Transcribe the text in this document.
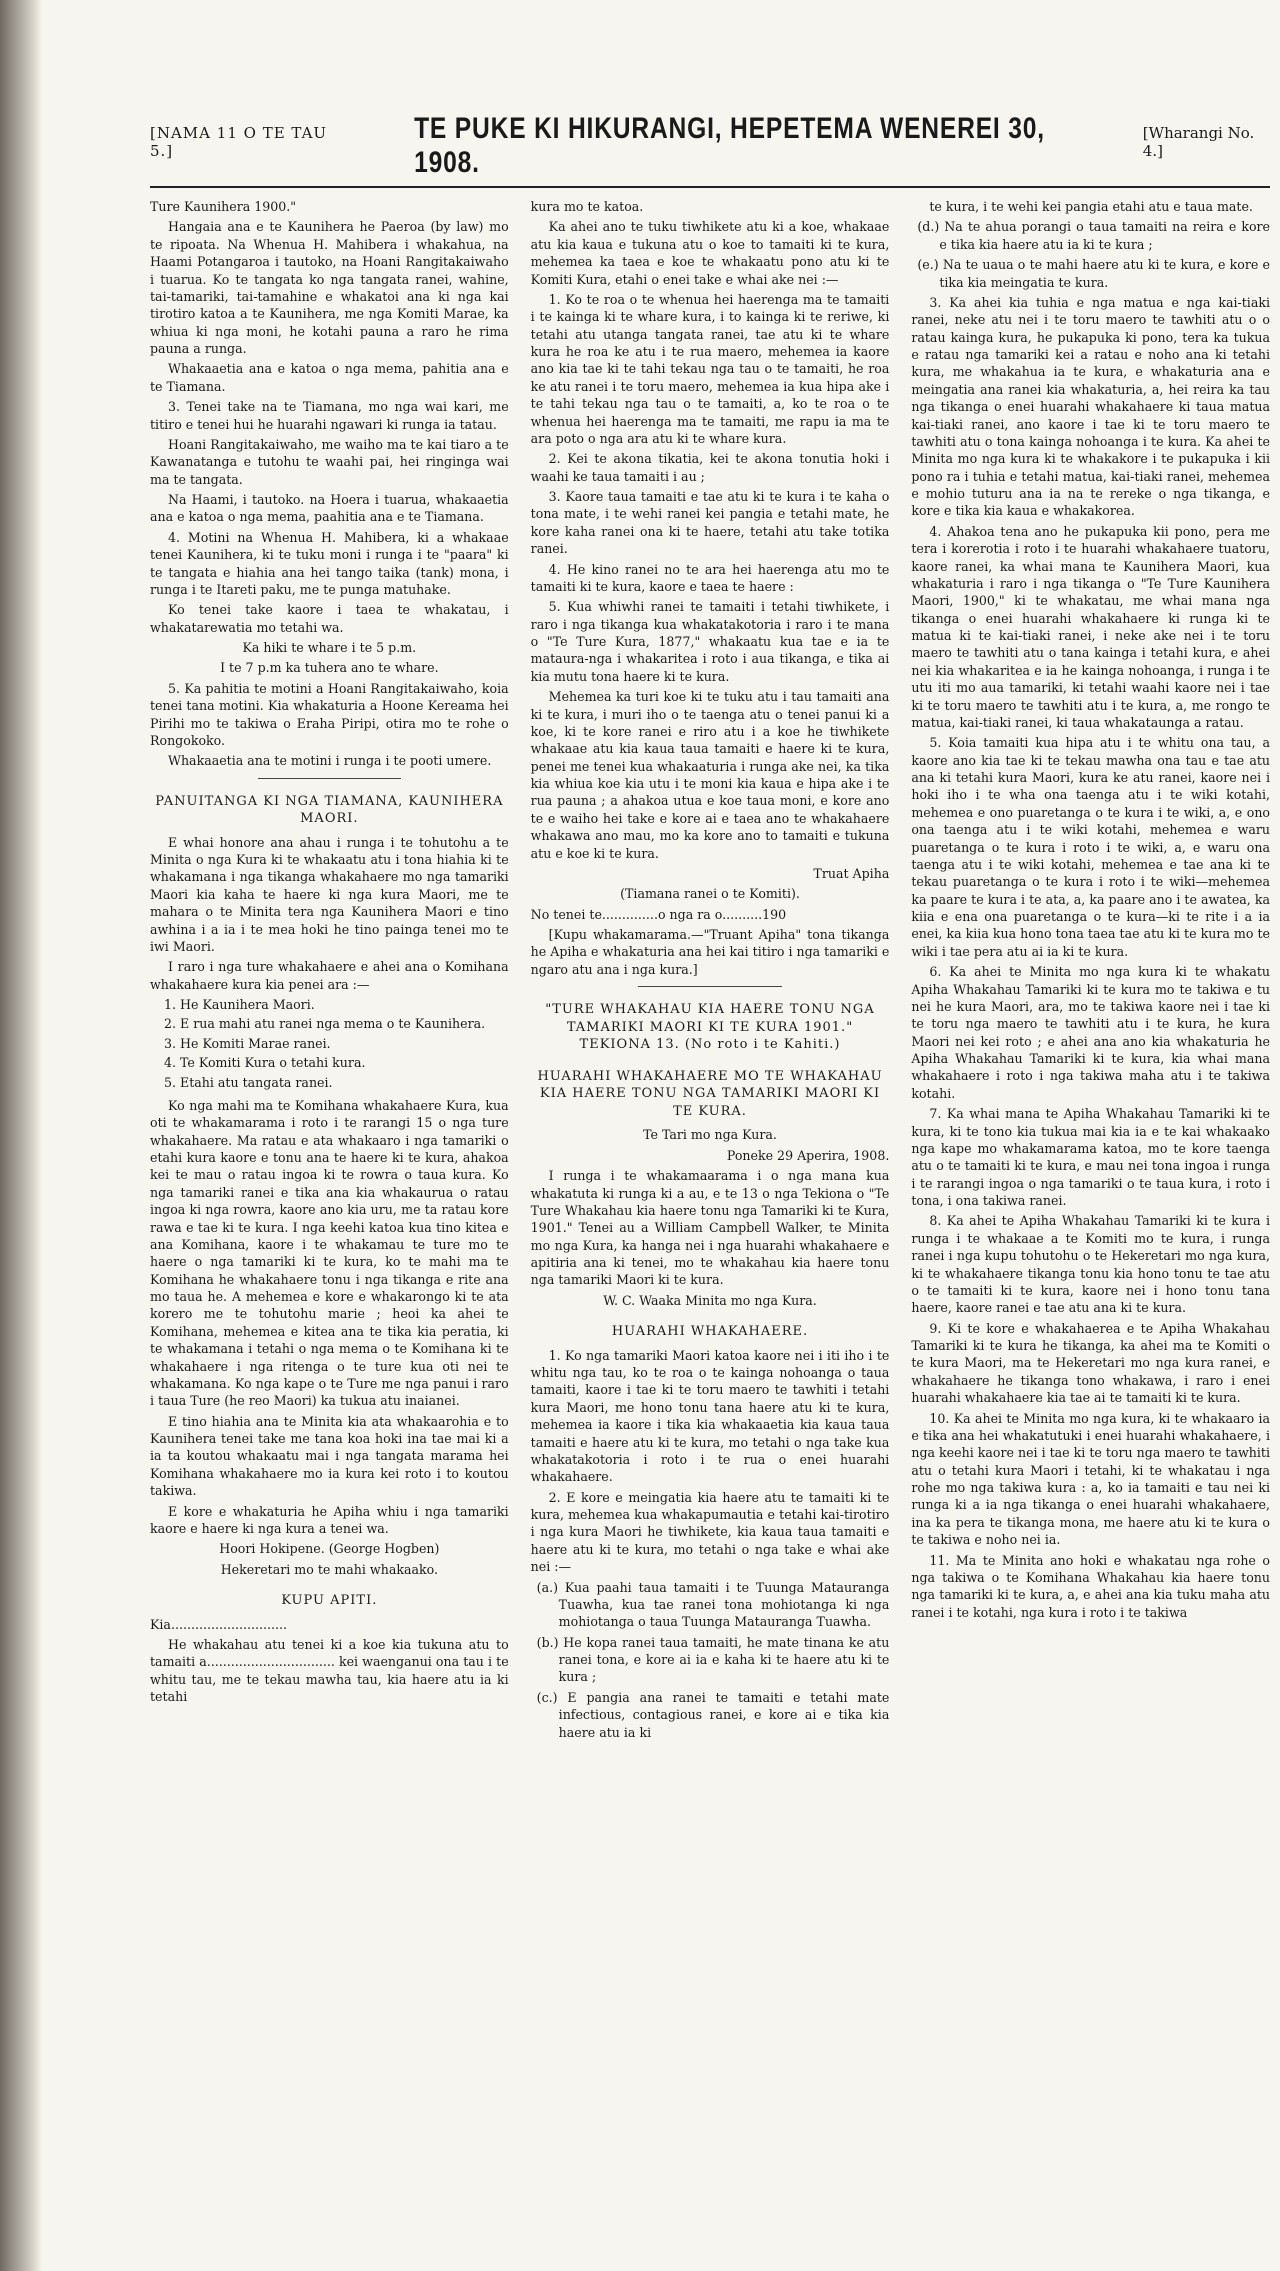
[NAMA 11 O TE TAU 5.]
TE PUKE KI HIKURANGI, HEPETEMA WENEREI 30, 1908.
[Wharangi No. 4.]

Ture Kaunihera 1900."

Hangaia ana e te Kaunihera he Paeroa (by law) mo te ripoata. Na Whenua H. Mahibera i whakahua, na Haami Potangaroa i tautoko, na Hoani Rangitakaiwaho i tuarua. Ko te tangata ko nga tangata ranei, wahine, tai-tamariki, tai-tamahine e whakatoi ana ki nga kai tirotiro katoa a te Kaunihera, me nga Komiti Marae, ka whiua ki nga moni, he kotahi pauna a raro he rima pauna a runga.

Whakaaetia ana e katoa o nga mema, pahitia ana e te Tiamana.

3. Tenei take na te Tiamana, mo nga wai kari, me titiro e tenei hui he huarahi ngawari ki runga ia tatau.

Hoani Rangitakaiwaho, me waiho ma te kai tiaro a te Kawanatanga e tutohu te waahi pai, hei ringinga wai ma te tangata.

Na Haami, i tautoko. na Hoera i tuarua, whakaaetia ana e katoa o nga mema, paahitia ana e te Tiamana.

4. Motini na Whenua H. Mahibera, ki a whakaae tenei Kaunihera, ki te tuku moni i runga i te "paara" ki te tangata e hiahia ana hei tango taika (tank) mona, i runga i te Itareti paku, me te punga matuhake.

Ko tenei take kaore i taea te whakatau, i whakatarewatia mo tetahi wa.

Ka hiki te whare i te 5 p.m.

I te 7 p.m ka tuhera ano te whare.

5. Ka pahitia te motini a Hoani Rangitakaiwaho, koia tenei tana motini. Kia whakaturia a Hoone Kereama hei Pirihi mo te takiwa o Eraha Piripi, otira mo te rohe o Rongokoko.

Whakaaetia ana te motini i runga i te pooti umere.

PANUITANGA KI NGA TIAMANA, KAUNIHERA MAORI.

E whai honore ana ahau i runga i te tohutohu a te Minita o nga Kura ki te whakaatu atu i tona hiahia ki te whakamana i nga tikanga whakahaere mo nga tamariki Maori kia kaha te haere ki nga kura Maori, me te mahara o te Minita tera nga Kaunihera Maori e tino awhina i a ia i te mea hoki he tino painga tenei mo te iwi Maori.

I raro i nga ture whakahaere e ahei ana o Komihana whakahaere kura kia penei ara :—

1. He Kaunihera Maori.
2. E rua mahi atu ranei nga mema o te Kaunihera.
3. He Komiti Marae ranei.
4. Te Komiti Kura o tetahi kura.
5. Etahi atu tangata ranei.

Ko nga mahi ma te Komihana whakahaere Kura, kua oti te whakamarama i roto i te rarangi 15 o nga ture whakahaere. Ma ratau e ata whakaaro i nga tamariki o etahi kura kaore e tonu ana te haere ki te kura, ahakoa kei te mau o ratau ingoa ki te rowra o taua kura. Ko nga tamariki ranei e tika ana kia whakaurua o ratau ingoa ki nga rowra, kaore ano kia uru, me ta ratau kore rawa e tae ki te kura. I nga keehi katoa kua tino kitea e ana Komihana, kaore i te whakamau te ture mo te haere o nga tamariki ki te kura, ko te mahi ma te Komihana he whakahaere tonu i nga tikanga e rite ana mo taua he. A mehemea e kore e whakarongo ki te ata korero me te tohutohu marie ; heoi ka ahei te Komihana, mehemea e kitea ana te tika kia peratia, ki te whakamana i tetahi o nga mema o te Komihana ki te whakahaere i nga ritenga o te ture kua oti nei te whakamana. Ko nga kape o te Ture me nga panui i raro i taua Ture (he reo Maori) ka tukua atu inaianei.

E tino hiahia ana te Minita kia ata whakaarohia e to Kaunihera tenei take me tana koa hoki ina tae mai ki a ia ta koutou whakaatu mai i nga tangata marama hei Komihana whakahaere mo ia kura kei roto i to koutou takiwa.

E kore e whakaturia he Apiha whiu i nga tamariki kaore e haere ki nga kura a tenei wa.

Hoori Hokipene. (George Hogben)

Hekeretari mo te mahi whakaako.

KUPU APITI.

Kia.............................

He whakahau atu tenei ki a koe kia tukuna atu to tamaiti a................................ kei waenganui ona tau i te whitu tau, me te tekau mawha tau, kia haere atu ia ki tetahi

kura mo te katoa.

Ka ahei ano te tuku tiwhikete atu ki a koe, whakaae atu kia kaua e tukuna atu o koe to tamaiti ki te kura, mehemea ka taea e koe te whakaatu pono atu ki te Komiti Kura, etahi o enei take e whai ake nei :—

1. Ko te roa o te whenua hei haerenga ma te tamaiti i te kainga ki te whare kura, i to kainga ki te reriwe, ki tetahi atu utanga tangata ranei, tae atu ki te whare kura he roa ke atu i te rua maero, mehemea ia kaore ano kia tae ki te tahi tekau nga tau o te tamaiti, he roa ke atu ranei i te toru maero, mehemea ia kua hipa ake i te tahi tekau nga tau o te tamaiti, a, ko te roa o te whenua hei haerenga ma te tamaiti, me rapu ia ma te ara poto o nga ara atu ki te whare kura.

2. Kei te akona tikatia, kei te akona tonutia hoki i waahi ke taua tamaiti i au ;

3. Kaore taua tamaiti e tae atu ki te kura i te kaha o tona mate, i te wehi ranei kei pangia e tetahi mate, he kore kaha ranei ona ki te haere, tetahi atu take totika ranei.

4. He kino ranei no te ara hei haerenga atu mo te tamaiti ki te kura, kaore e taea te haere :

5. Kua whiwhi ranei te tamaiti i tetahi tiwhikete, i raro i nga tikanga kua whakatakotoria i raro i te mana o "Te Ture Kura, 1877," whakaatu kua tae e ia te mataura-nga i whakaritea i roto i aua tikanga, e tika ai kia mutu tona haere ki te kura.

Mehemea ka turi koe ki te tuku atu i tau tamaiti ana ki te kura, i muri iho o te taenga atu o tenei panui ki a koe, ki te kore ranei e riro atu i a koe he tiwhikete whakaae atu kia kaua taua tamaiti e haere ki te kura, penei me tenei kua whakaaturia i runga ake nei, ka tika kia whiua koe kia utu i te moni kia kaua e hipa ake i te rua pauna ; a ahakoa utua e koe taua moni, e kore ano te e waiho hei take e kore ai e taea ano te whakahaere whakawa ano mau, mo ka kore ano to tamaiti e tukuna atu e koe ki te kura.

Truat Apiha

(Tiamana ranei o te Komiti).

No tenei te..............o nga ra o..........190

[Kupu whakamarama.—"Truant Apiha" tona tikanga he Apiha e whakaturia ana hei kai titiro i nga tamariki e ngaro atu ana i nga kura.]

"TURE WHAKAHAU KIA HAERE TONU NGA TAMARIKI MAORI KI TE KURA 1901." TEKIONA 13. (No roto i te Kahiti.)
HUARAHI WHAKAHAERE MO TE WHAKAHAU KIA HAERE TONU NGA TAMARIKI MAORI KI TE KURA.

Te Tari mo nga Kura.

Poneke 29 Aperira, 1908.

I runga i te whakamaarama i o nga mana kua whakatuta ki runga ki a au, e te 13 o nga Tekiona o "Te Ture Whakahau kia haere tonu nga Tamariki ki te Kura, 1901." Tenei au a William Campbell Walker, te Minita mo nga Kura, ka hanga nei i nga huarahi whakahaere e apitiria ana ki tenei, mo te whakahau kia haere tonu nga tamariki Maori ki te kura.

W. C. Waaka Minita mo nga Kura.

HUARAHI WHAKAHAERE.

1. Ko nga tamariki Maori katoa kaore nei i iti iho i te whitu nga tau, ko te roa o te kainga nohoanga o taua tamaiti, kaore i tae ki te toru maero te tawhiti i tetahi kura Maori, me hono tonu tana haere atu ki te kura, mehemea ia kaore i tika kia whakaaetia kia kaua taua tamaiti e haere atu ki te kura, mo tetahi o nga take kua whakatakotoria i roto i te rua o enei huarahi whakahaere.

2. E kore e meingatia kia haere atu te tamaiti ki te kura, mehemea kua whakapumautia e tetahi kai-tirotiro i nga kura Maori he tiwhikete, kia kaua taua tamaiti e haere atu ki te kura, mo tetahi o nga take e whai ake nei :—

(a.) Kua paahi taua tamaiti i te Tuunga Matauranga Tuawha, kua tae ranei tona mohiotanga ki nga mohiotanga o taua Tuunga Matauranga Tuawha.

(b.) He kopa ranei taua tamaiti, he mate tinana ke atu ranei tona, e kore ai ia e kaha ki te haere atu ki te kura ;

(c.) E pangia ana ranei te tamaiti e tetahi mate infectious, contagious ranei, e kore ai e tika kia haere atu ia ki

te kura, i te wehi kei pangia etahi atu e taua mate.

(d.) Na te ahua porangi o taua tamaiti na reira e kore e tika kia haere atu ia ki te kura ;

(e.) Na te uaua o te mahi haere atu ki te kura, e kore e tika kia meingatia te kura.

3. Ka ahei kia tuhia e nga matua e nga kai-tiaki ranei, neke atu nei i te toru maero te tawhiti atu o o ratau kainga kura, he pukapuka ki pono, tera ka tukua e ratau nga tamariki kei a ratau e noho ana ki tetahi kura, me whakahua ia te kura, e whakaturia ana e meingatia ana ranei kia whakaturia, a, hei reira ka tau nga tikanga o enei huarahi whakahaere ki taua matua kai-tiaki ranei, ano kaore i tae ki te toru maero te tawhiti atu o tona kainga nohoanga i te kura. Ka ahei te Minita mo nga kura ki te whakakore i te pukapuka i kii pono ra i tuhia e tetahi matua, kai-tiaki ranei, mehemea e mohio tuturu ana ia na te rereke o nga tikanga, e kore e tika kia kaua e whakakorea.

4. Ahakoa tena ano he pukapuka kii pono, pera me tera i korerotia i roto i te huarahi whakahaere tuatoru, kaore ranei, ka whai mana te Kaunihera Maori, kua whakaturia i raro i nga tikanga o "Te Ture Kaunihera Maori, 1900," ki te whakatau, me whai mana nga tikanga o enei huarahi whakahaere ki runga ki te matua ki te kai-tiaki ranei, i neke ake nei i te toru maero te tawhiti atu o tana kainga i tetahi kura, e ahei nei kia whakaritea e ia he kainga nohoanga, i runga i te utu iti mo aua tamariki, ki tetahi waahi kaore nei i tae ki te toru maero te tawhiti atu i te kura, a, me rongo te matua, kai-tiaki ranei, ki taua whakataunga a ratau.

5. Koia tamaiti kua hipa atu i te whitu ona tau, a kaore ano kia tae ki te tekau mawha ona tau e tae atu ana ki tetahi kura Maori, kura ke atu ranei, kaore nei i hoki iho i te wha ona taenga atu i te wiki kotahi, mehemea e ono puaretanga o te kura i te wiki, a, e ono ona taenga atu i te wiki kotahi, mehemea e waru puaretanga o te kura i roto i te wiki, a, e waru ona taenga atu i te wiki kotahi, mehemea e tae ana ki te tekau puaretanga o te kura i roto i te wiki—mehemea ka paare te kura i te ata, a, ka paare ano i te awatea, ka kiia e ena ona puaretanga o te kura—ki te rite i a ia enei, ka kiia kua hono tona taea tae atu ki te kura mo te wiki i tae pera atu ai ia ki te kura.

6. Ka ahei te Minita mo nga kura ki te whakatu Apiha Whakahau Tamariki ki te kura mo te takiwa e tu nei he kura Maori, ara, mo te takiwa kaore nei i tae ki te toru nga maero te tawhiti atu i te kura, he kura Maori nei kei roto ; e ahei ana ano kia whakaturia he Apiha Whakahau Tamariki ki te kura, kia whai mana whakahaere i roto i nga takiwa maha atu i te takiwa kotahi.

7. Ka whai mana te Apiha Whakahau Tamariki ki te kura, ki te tono kia tukua mai kia ia e te kai whakaako nga kape mo whakamarama katoa, mo te kore taenga atu o te tamaiti ki te kura, e mau nei tona ingoa i runga i te rarangi ingoa o nga tamariki o te taua kura, i roto i tona, i ona takiwa ranei.

8. Ka ahei te Apiha Whakahau Tamariki ki te kura i runga i te whakaae a te Komiti mo te kura, i runga ranei i nga kupu tohutohu o te Hekeretari mo nga kura, ki te whakahaere tikanga tonu kia hono tonu te tae atu o te tamaiti ki te kura, kaore nei i hono tonu tana haere, kaore ranei e tae atu ana ki te kura.

9. Ki te kore e whakahaerea e te Apiha Whakahau Tamariki ki te kura he tikanga, ka ahei ma te Komiti o te kura Maori, ma te Hekeretari mo nga kura ranei, e whakahaere he tikanga tono whakawa, i raro i enei huarahi whakahaere kia tae ai te tamaiti ki te kura.

10. Ka ahei te Minita mo nga kura, ki te whakaaro ia e tika ana hei whakatutuki i enei huarahi whakahaere, i nga keehi kaore nei i tae ki te toru nga maero te tawhiti atu o tetahi kura Maori i tetahi, ki te whakatau i nga rohe mo nga takiwa kura : a, ko ia tamaiti e tau nei ki runga ki a ia nga tikanga o enei huarahi whakahaere, ina ka pera te tikanga mona, me haere atu ki te kura o te takiwa e noho nei ia.

11. Ma te Minita ano hoki e whakatau nga rohe o nga takiwa o te Komihana Whakahau kia haere tonu nga tamariki ki te kura, a, e ahei ana kia tuku maha atu ranei i te kotahi, nga kura i roto i te takiwa
